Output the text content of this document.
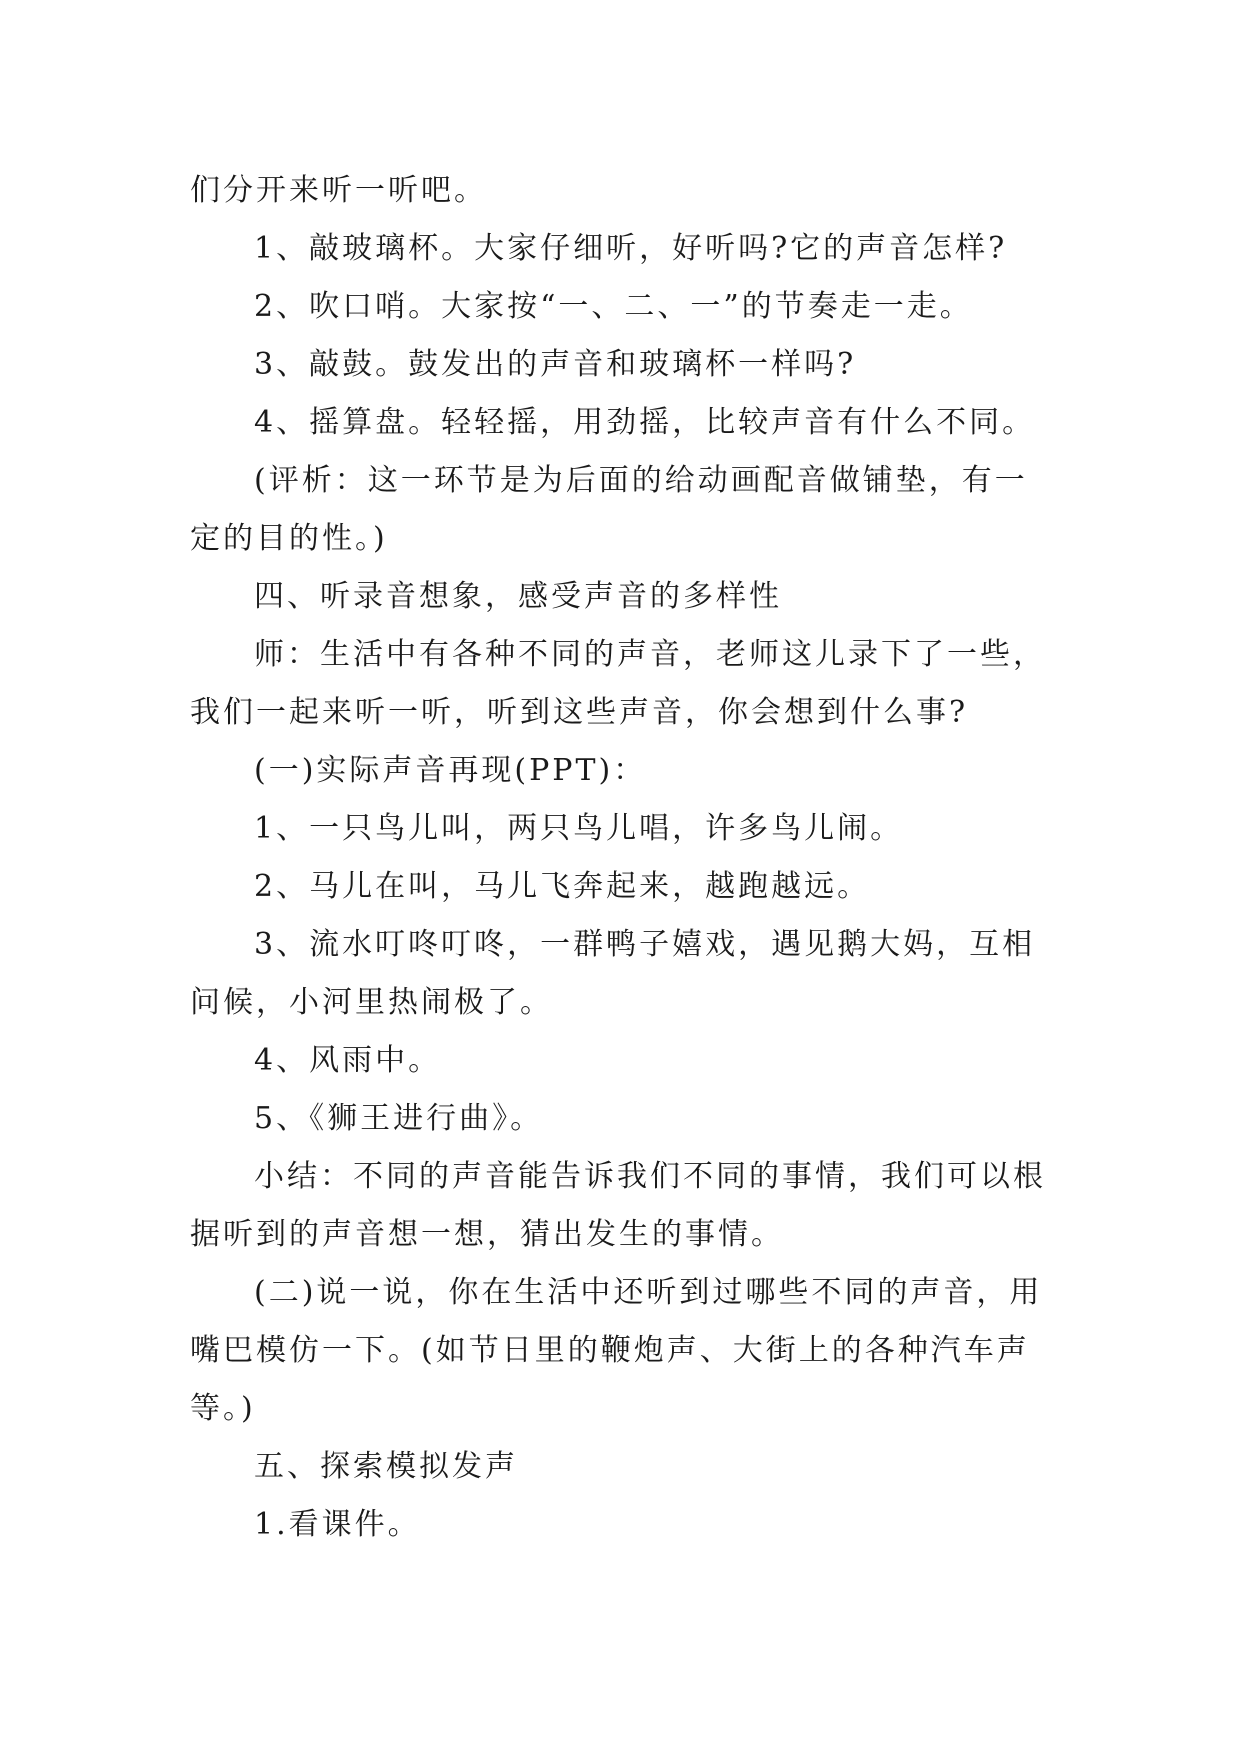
们分开来听一听吧。
1、敲玻璃杯。大家仔细听，好听吗?它的声音怎样?
2、吹口哨。大家按“一、二、一”的节奏走一走。
3、敲鼓。鼓发出的声音和玻璃杯一样吗?
4、摇算盘。轻轻摇，用劲摇，比较声音有什么不同。
(评析：这一环节是为后面的给动画配音做铺垫，有一
定的目的性。)
四、听录音想象，感受声音的多样性
师：生活中有各种不同的声音，老师这儿录下了一些，
我们一起来听一听，听到这些声音，你会想到什么事?
(一)实际声音再现(PPT)：
1、一只鸟儿叫，两只鸟儿唱，许多鸟儿闹。
2、马儿在叫，马儿飞奔起来，越跑越远。
3、流水叮咚叮咚，一群鸭子嬉戏，遇见鹅大妈，互相
问候，小河里热闹极了。
4、风雨中。
5、《狮王进行曲》。
小结：不同的声音能告诉我们不同的事情，我们可以根
据听到的声音想一想，猜出发生的事情。
(二)说一说，你在生活中还听到过哪些不同的声音，用
嘴巴模仿一下。(如节日里的鞭炮声、大街上的各种汽车声
等。)
五、探索模拟发声
1.看课件。
